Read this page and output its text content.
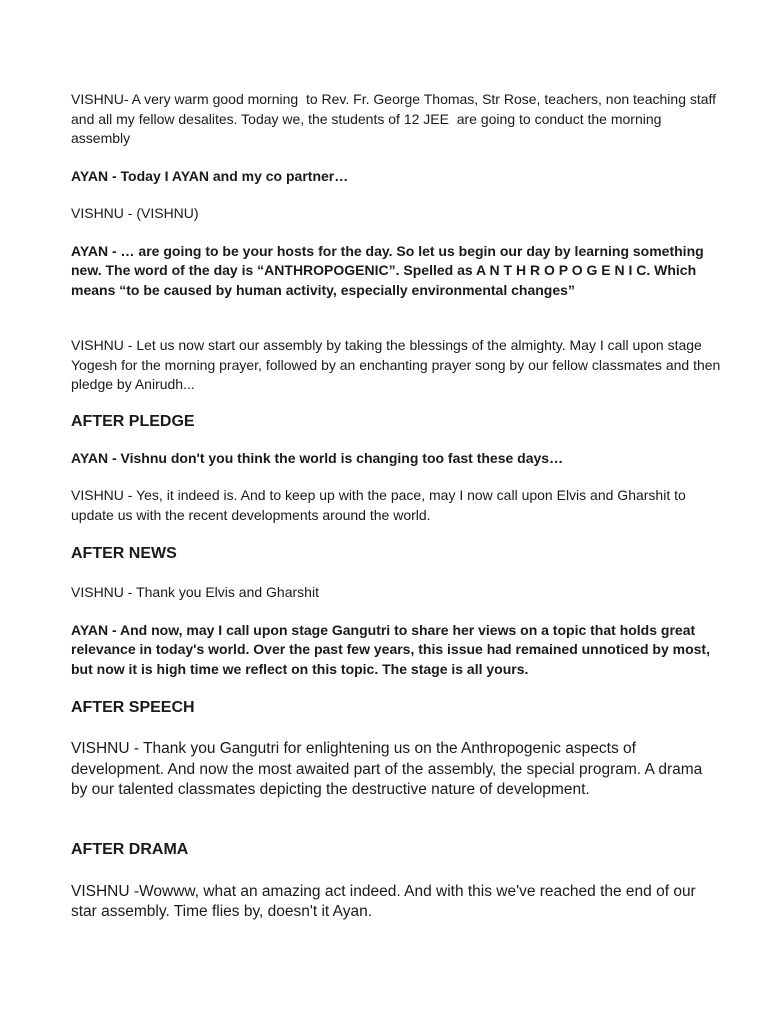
VISHNU- A very warm good morning  to Rev. Fr. George Thomas, Str Rose, teachers, non teaching staff and all my fellow desalites. Today we, the students of 12 JEE  are going to conduct the morning assembly

AYAN - Today I AYAN and my co partner…

VISHNU - (VISHNU)

AYAN - … are going to be your hosts for the day. So let us begin our day by learning something new. The word of the day is “ANTHROPOGENIC”. Spelled as A N T H R O P O G E N I C. Which means “to be caused by human activity, especially environmental changes”

VISHNU - Let us now start our assembly by taking the blessings of the almighty. May I call upon stage Yogesh for the morning prayer, followed by an enchanting prayer song by our fellow classmates and then pledge by Anirudh...

AFTER PLEDGE

AYAN - Vishnu don't you think the world is changing too fast these days…

VISHNU - Yes, it indeed is. And to keep up with the pace, may I now call upon Elvis and Gharshit to update us with the recent developments around the world.

AFTER NEWS

VISHNU - Thank you Elvis and Gharshit

AYAN - And now, may I call upon stage Gangutri to share her views on a topic that holds great relevance in today's world. Over the past few years, this issue had remained unnoticed by most, but now it is high time we reflect on this topic. The stage is all yours.

AFTER SPEECH

VISHNU - Thank you Gangutri for enlightening us on the Anthropogenic aspects of development. And now the most awaited part of the assembly, the special program. A drama by our talented classmates depicting the destructive nature of development.

AFTER DRAMA

VISHNU -Wowww, what an amazing act indeed. And with this we've reached the end of our star assembly. Time flies by, doesn't it Ayan.
